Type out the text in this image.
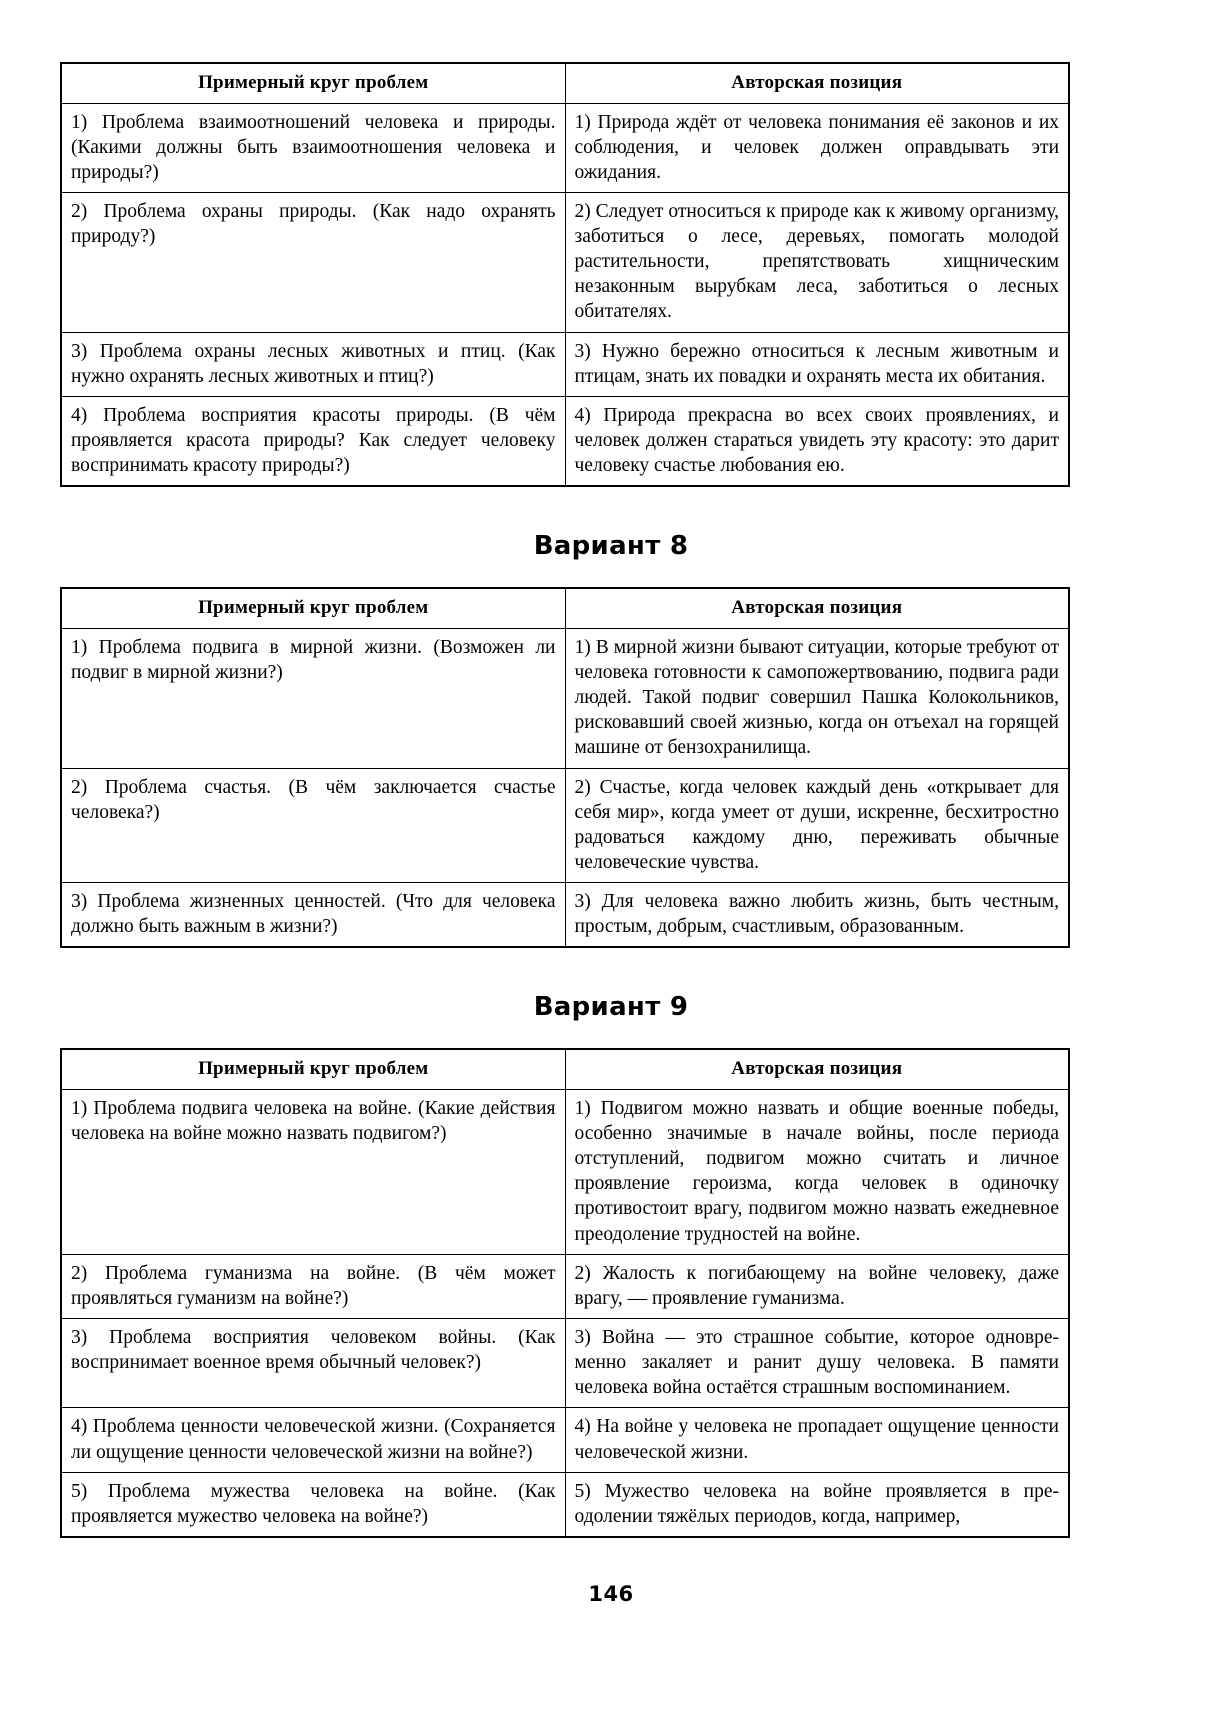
Примерный круг проблем	Авторская позиция
1) Проблема взаимоотношений человека и природы. (Какими должны быть взаимоотношения человека и природы?)	1) Природа ждёт от человека понимания её законов и их соблюдения, и человек должен оправдывать эти ожидания.
2) Проблема охраны природы. (Как надо охранять природу?)	2) Следует относиться к природе как к живому организму, заботиться о лесе, деревьях, помогать молодой растительности, препятствовать хищническим незаконным вырубкам леса, заботиться о лесных обитателях.
3) Проблема охраны лесных животных и птиц. (Как нужно охранять лесных животных и птиц?)	3) Нужно бережно относиться к лесным животным и птицам, знать их повадки и охранять места их обитания.
4) Проблема восприятия красоты природы. (В чём проявляется красота природы? Как следует человеку воспринимать красоту природы?)	4) Природа прекрасна во всех своих проявлениях, и человек должен стараться увидеть эту красоту: это дарит человеку счастье любования ею.
Вариант 8
Примерный круг проблем	Авторская позиция
1) Проблема подвига в мирной жизни. (Возможен ли подвиг в мирной жизни?)	1) В мирной жизни бывают ситуации, которые требуют от человека готовности к самопожертвованию, подвига ради людей. Такой подвиг совершил Пашка Колокольников, рисковавший своей жизнью, когда он отъехал на горящей машине от бензохранилища.
2) Проблема счастья. (В чём заключается счастье человека?)	2) Счастье, когда человек каждый день «открывает для себя мир», когда умеет от души, искренне, бесхитростно радоваться каждому дню, переживать обычные человеческие чувства.
3) Проблема жизненных ценностей. (Что для человека должно быть важным в жизни?)	3) Для человека важно любить жизнь, быть честным, простым, добрым, счастливым, образованным.
Вариант 9
Примерный круг проблем	Авторская позиция
1) Проблема подвига человека на войне. (Какие действия человека на войне можно назвать подвигом?)	1) Подвигом можно назвать и общие военные победы, особенно значимые в начале войны, после периода отступлений, подвигом можно считать и личное проявление героизма, когда человек в одиночку противостоит врагу, подвигом можно назвать ежедневное преодоление трудностей на войне.
2) Проблема гуманизма на войне. (В чём может проявляться гуманизм на войне?)	2) Жалость к погибающему на войне человеку, даже врагу, — проявление гуманизма.
3) Проблема восприятия человеком войны. (Как воспринимает военное время обычный человек?)	3) Война — это страшное событие, которое одновременно закаляет и ранит душу человека. В памяти человека война остаётся страшным воспоминанием.
4) Проблема ценности человеческой жизни. (Сохраняется ли ощущение ценности человеческой жизни на войне?)	4) На войне у человека не пропадает ощущение ценности человеческой жизни.
5) Проблема мужества человека на войне. (Как проявляется мужество человека на войне?)	5) Мужество человека на войне проявляется в преодолении тяжёлых периодов, когда, например,
146
